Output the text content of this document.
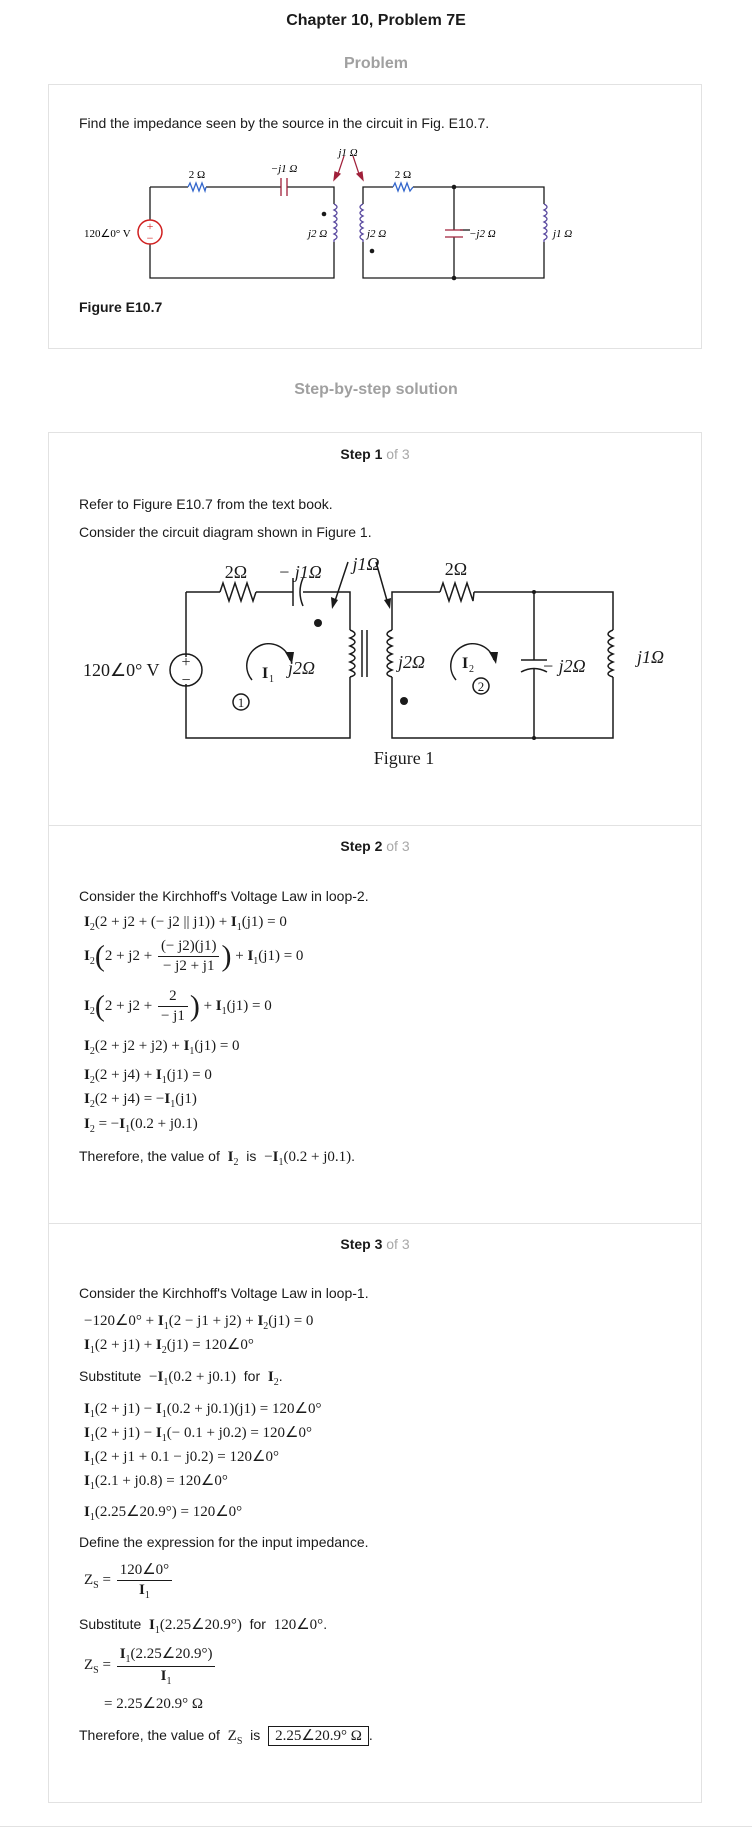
Chapter 10, Problem 7E
Problem
Find the impedance seen by the source in the circuit in Fig. E10.7.
+
−
2 Ω	−j1 Ω
j1 Ω
2 Ω
120∠0° V	j2 Ω	j2 Ω	−j2 Ω	j1 Ω
Figure E10.7
Step-by-step solution
Step 1 of 3
Refer to Figure E10.7 from the text book.
Consider the circuit diagram shown in Figure 1.
2Ω − j1Ω j1Ω	2Ω
120∠0° V +
−	I 1
1
j2Ω	j2Ω I 2
2
− j2Ω	j1Ω
Figure 1
Step 2 of 3
Consider the Kirchhoff's Voltage Law in loop-2.
$I_2(2 + j2$ + (− j2 || $j1)) + I_1(j1) = 0$
$I_2(2 + j2 + \frac{(- j2)(j1)}{- j2 + j1}$ ) + $I_1(j1) = 0$
$I_2(2 + j2 + \frac{2}{- j1}$ ) + $I_1(j1) = 0$
$I_2(2 + j2 + j2) + I_1(j1) = 0$
$I_2(2 + j4) + I_1(j1) = 0$
$I_2(2 + j4) = -I_1(j1)$
$I_2 = -I_1(0.2 + j0.1)$
Therefore, the value of $I_2$ is $-I_1(0.2 + j0.1)$.
Step 3 of 3
Consider the Kirchhoff's Voltage Law in loop-1.
−120∠0° + $I_1(2 - j1 + j2) + I_2(j1) = 0$
$I_1(2 + j1) + I_2(j1)$ = 120∠0°
Substitute $-I_1(0.2 + j0.1)$ for $I_2$.
$I_1(2 + j1) - I_1(0.2 + j0.1)(j1)$ = 120∠0°
$I_1(2 + j1) - I_1(- 0.1 + j0.2)$ = 120∠0°
$I_1(2 + j1 + 0.1 - j0.2)$ = 120∠0°
$I_1(2.1 + j0.8)$ = 120∠0°
$I_1(2.25\angle 20.9^\circ)$ = 120∠0°
Define the expression for the input impedance.
$Z_S = \frac{120\angle 0^\circ}{I_1}$
Substitute $I_1(2.25\angle 20.9^\circ)$ for 120∠0°.
$Z_S = \frac{I_1(2.25\angle 20.9^\circ)}{I_1}$
= 2.25∠20.9° Ω
Therefore, the value of $Z_S$ is 2.25∠20.9° Ω .
